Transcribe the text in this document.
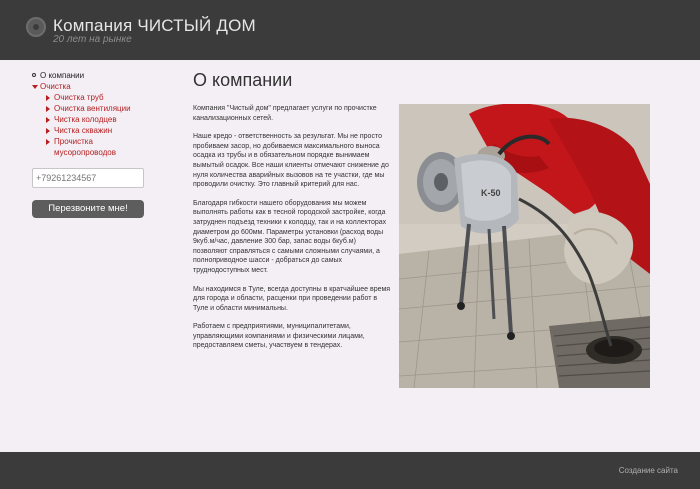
Компания ЧИСТЫЙ ДОМ
20 лет на рынке
О компании
Очистка
Очистка труб
Очистка вентиляции
Чистка колодцев
Чистка скважин
Прочистка мусоропроводов
+79261234567
Перезвоните мне!
О компании

Компания "Чистый дом" предлагает услуги по прочистке канализационных сетей.

Наше кредо - ответственность за результат. Мы не просто пробиваем засор, но добиваемся максимального выноса осадка из трубы и в обязательном порядке вынимаем вымытый осадок. Все наши клиенты отмечают снижение до нуля количества аварийных вызовов на те участки, где мы проводили очистку. Это главный критерий для нас.

Благодаря гибкости нашего оборудования мы можем выполнять работы как в тесной городской застройке, когда затруднен подъезд техники к колодцу, так и на коллекторах диаметром до 600мм. Параметры установки (расход воды 9куб.м/час, давление 300 бар, запас воды 6куб.м) позволяют справляться с самыми сложными случаями, а полноприводное шасси - добраться до самых труднодоступных мест.

Мы находимся в Туле, всегда доступны в кратчайшее время для города и области, расценки при проведении работ в Туле и области минимальны.

Работаем с предприятиями, муниципалитетами, управляющими компаниями и физическими лицами, предоставляем сметы, участвуем в тендерах.

K-50
Создание сайта
